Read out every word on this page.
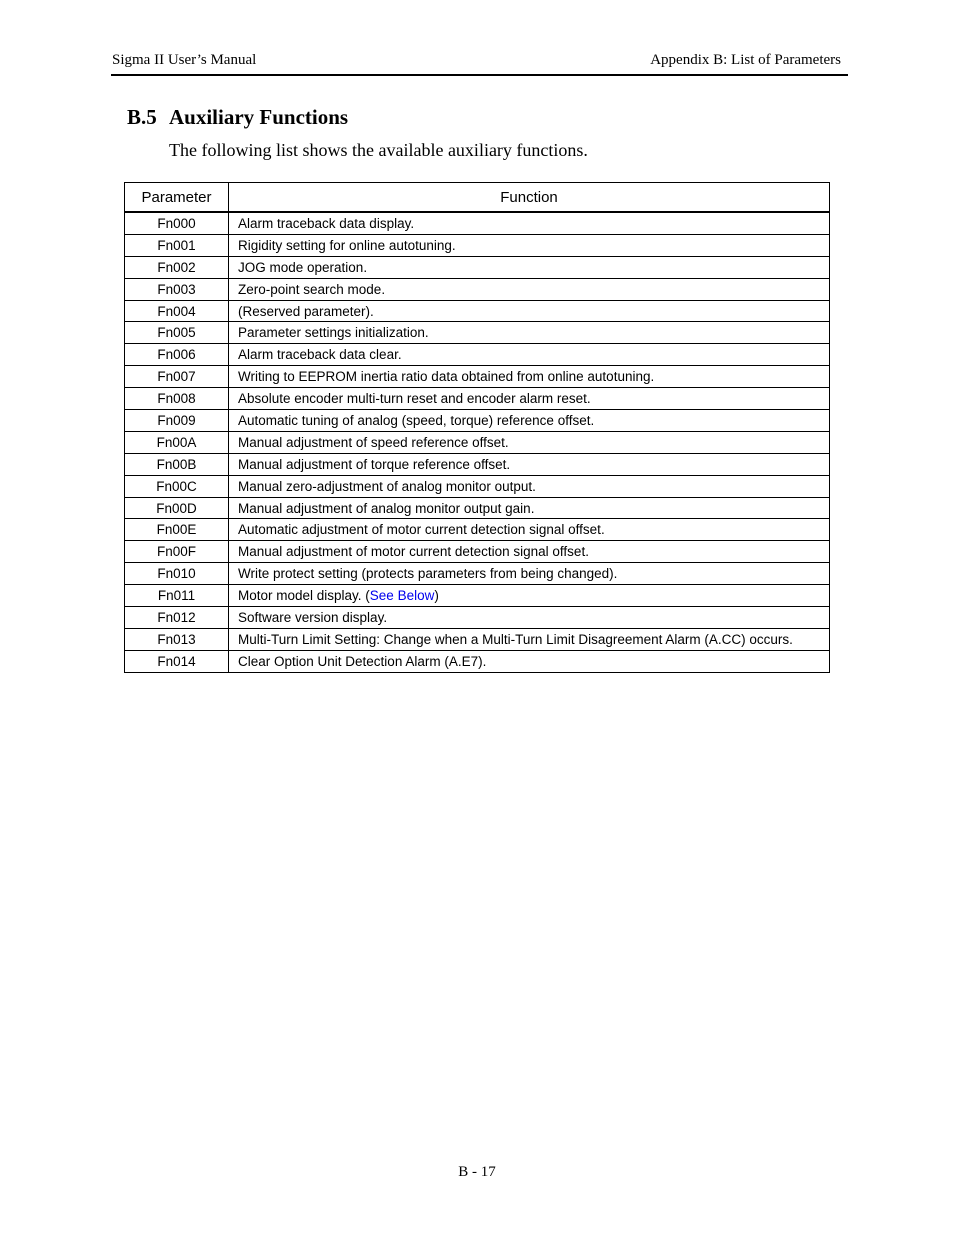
Sigma II User’s Manual	Appendix B: List of Parameters
B.5 Auxiliary Functions
The following list shows the available auxiliary functions.
Parameter	Function
Fn000	Alarm traceback data display.
Fn001	Rigidity setting for online autotuning.
Fn002	JOG mode operation.
Fn003	Zero-point search mode.
Fn004	(Reserved parameter).
Fn005	Parameter settings initialization.
Fn006	Alarm traceback data clear.
Fn007	Writing to EEPROM inertia ratio data obtained from online autotuning.
Fn008	Absolute encoder multi-turn reset and encoder alarm reset.
Fn009	Automatic tuning of analog (speed, torque) reference offset.
Fn00A	Manual adjustment of speed reference offset.
Fn00B	Manual adjustment of torque reference offset.
Fn00C	Manual zero-adjustment of analog monitor output.
Fn00D	Manual adjustment of analog monitor output gain.
Fn00E	Automatic adjustment of motor current detection signal offset.
Fn00F	Manual adjustment of motor current detection signal offset.
Fn010	Write protect setting (protects parameters from being changed).
Fn011	Motor model display. (See Below)
Fn012	Software version display.
Fn013	Multi-Turn Limit Setting: Change when a Multi-Turn Limit Disagreement Alarm (A.CC) occurs.
Fn014	Clear Option Unit Detection Alarm (A.E7).
B - 17
